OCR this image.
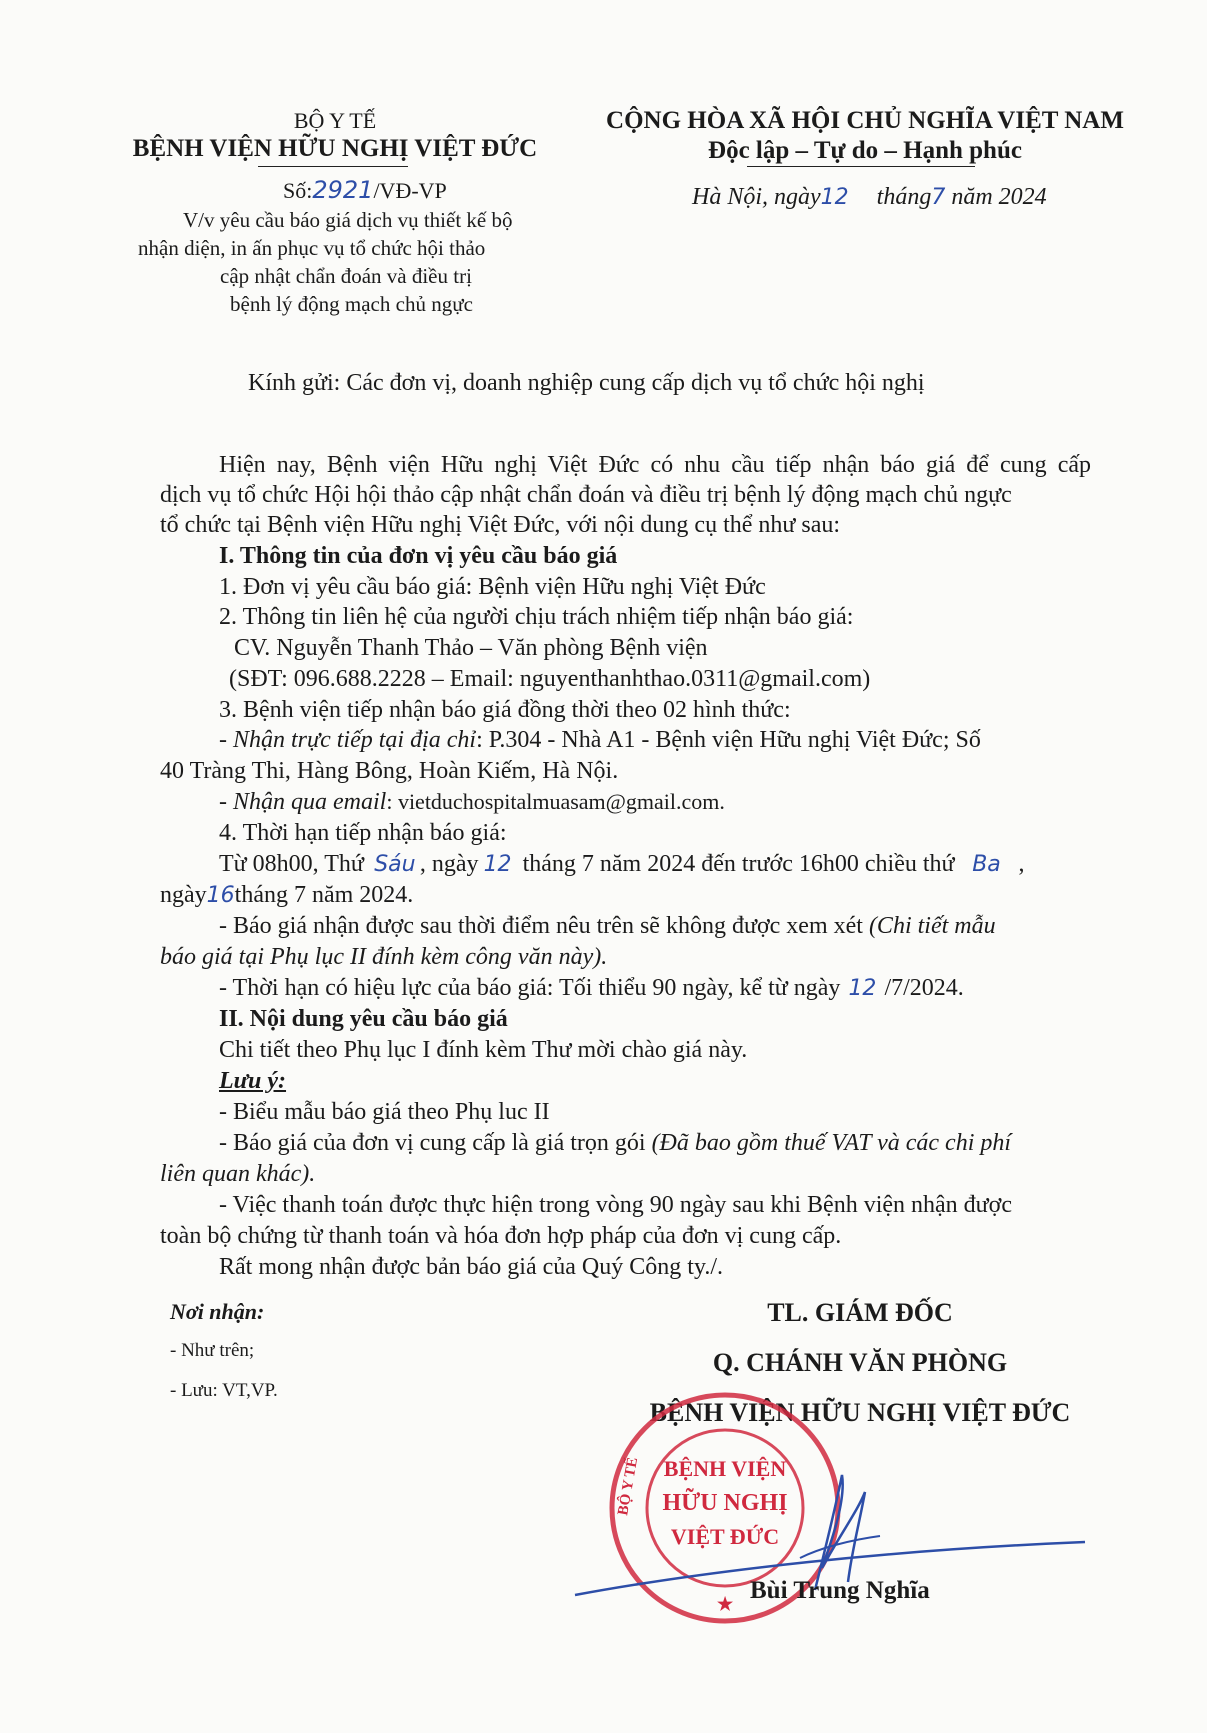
BỘ Y TẾ
BỆNH VIỆN HỮU NGHỊ VIỆT ĐỨC
Số:2921/VĐ-VP
V/v yêu cầu báo giá dịch vụ thiết kế bộ
nhận diện, in ấn phục vụ tổ chức hội thảo
cập nhật chẩn đoán và điều trị
bệnh lý động mạch chủ ngực
CỘNG HÒA XÃ HỘI CHỦ NGHĨA VIỆT NAM
Độc lập – Tự do – Hạnh phúc
Hà Nội, ngày12 tháng7 năm 2024
Kính gửi: Các đơn vị, doanh nghiệp cung cấp dịch vụ tổ chức hội nghị
Hiện nay, Bệnh viện Hữu nghị Việt Đức có nhu cầu tiếp nhận báo giá để cung cấp
dịch vụ tổ chức Hội hội thảo cập nhật chẩn đoán và điều trị bệnh lý động mạch chủ ngực
tổ chức tại Bệnh viện Hữu nghị Việt Đức, với nội dung cụ thể như sau:
I. Thông tin của đơn vị yêu cầu báo giá
1. Đơn vị yêu cầu báo giá: Bệnh viện Hữu nghị Việt Đức
2. Thông tin liên hệ của người chịu trách nhiệm tiếp nhận báo giá:
CV. Nguyễn Thanh Thảo – Văn phòng Bệnh viện
(SĐT: 096.688.2228 – Email: nguyenthanhthao.0311@gmail.com)
3. Bệnh viện tiếp nhận báo giá đồng thời theo 02 hình thức:
- Nhận trực tiếp tại địa chỉ: P.304 - Nhà A1 - Bệnh viện Hữu nghị Việt Đức; Số
40 Tràng Thi, Hàng Bông, Hoàn Kiếm, Hà Nội.
- Nhận qua email: vietduchospitalmuasam@gmail.com.
4. Thời hạn tiếp nhận báo giá:
Từ 08h00, Thứ Sáu , ngày 12 tháng 7 năm 2024 đến trước 16h00 chiều thứ Ba ,
ngày16 tháng 7 năm 2024.
- Báo giá nhận được sau thời điểm nêu trên sẽ không được xem xét (Chi tiết mẫu
báo giá tại Phụ lục II đính kèm công văn này).
- Thời hạn có hiệu lực của báo giá: Tối thiểu 90 ngày, kể từ ngày 12 /7/2024.
II. Nội dung yêu cầu báo giá
Chi tiết theo Phụ lục I đính kèm Thư mời chào giá này.
Lưu ý:
- Biểu mẫu báo giá theo Phụ luc II
- Báo giá của đơn vị cung cấp là giá trọn gói (Đã bao gồm thuế VAT và các chi phí
liên quan khác).
- Việc thanh toán được thực hiện trong vòng 90 ngày sau khi Bệnh viện nhận được
toàn bộ chứng từ thanh toán và hóa đơn hợp pháp của đơn vị cung cấp.
Rất mong nhận được bản báo giá của Quý Công ty./.
Nơi nhận:
- Như trên;
- Lưu: VT,VP.
TL. GIÁM ĐỐC
Q. CHÁNH VĂN PHÒNG
BỆNH VIỆN HỮU NGHỊ VIỆT ĐỨC
BỆNH VIỆN
HỮU NGHỊ
VIỆT ĐỨC
BỘ Y TẾ
★ Bùi Trung Nghĩa
